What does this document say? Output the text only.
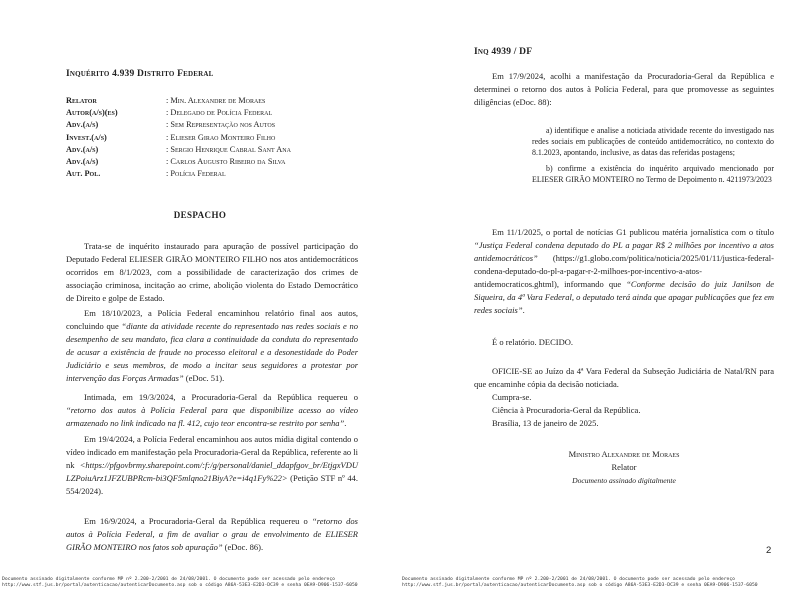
Inquérito 4.939 Distrito Federal
Relator	: Min. Alexandre de Moraes
Autor(a/s)(es)	: Delegado de Polícia Federal
Adv.(a/s)	: Sem Representação nos Autos
Invest.(a/s)	: Elieser Girao Monteiro Filho
Adv.(a/s)	: Sergio Henrique Cabral Sant Ana
Adv.(a/s)	: Carlos Augusto Ribeiro da Silva
Aut. Pol.	: Polícia Federal
DESPACHO
Trata-se de inquérito instaurado para apuração de possível participação do Deputado Federal ELIESER GIRÃO MONTEIRO FILHO nos atos antidemocráticos ocorridos em 8/1/2023, com a possibilidade de caracterização dos crimes de associação criminosa, incitação ao crime, abolição violenta do Estado Democrático de Direito e golpe de Estado.
Em 18/10/2023, a Polícia Federal encaminhou relatório final aos autos, concluindo que “diante da atividade recente do representado nas redes sociais e no desempenho de seu mandato, fica clara a continuidade da conduta do representado de acusar a existência de fraude no processo eleitoral e a desonestidade do Poder Judiciário e seus membros, de modo a incitar seus seguidores a protestar por intervenção das Forças Armadas” (eDoc. 51).
Intimada, em 19/3/2024, a Procuradoria-Geral da República requereu o “retorno dos autos à Polícia Federal para que disponibilize acesso ao vídeo armazenado no link indicado na fl. 412, cujo teor encontra-se restrito por senha”.
Em 19/4/2024, a Polícia Federal encaminhou aos autos mídia digital contendo o vídeo indicado em manifestação pela Procuradoria-Geral da República, referente ao link <https://pfgovbrmy.sharepoint.com/:f:/g/personal/daniel_ddapfgov_br/EtjgxVDULZPoiuArz1JFZUBPRcm-bi3QF5mlqno21BiyA?e=i4q1Fy%22> (Petição STF nº 44.554/2024).
Em 16/9/2024, a Procuradoria-Geral da República requereu o “retorno dos autos à Polícia Federal, a fim de avaliar o grau de envolvimento de ELIESER GIRÃO MONTEIRO nos fatos sob apuração” (eDoc. 86).
Inq 4939 / DF
Em 17/9/2024, acolhi a manifestação da Procuradoria-Geral da República e determinei o retorno dos autos à Polícia Federal, para que promovesse as seguintes diligências (eDoc. 88):

a) identifique e analise a noticiada atividade recente do investigado nas redes sociais em publicações de conteúdo antidemocrático, no contexto do 8.1.2023, apontando, inclusive, as datas das referidas postagens;

b) confirme a existência do inquérito arquivado mencionado por ELIESER GIRÃO MONTEIRO no Termo de Depoimento n. 4211973/2023

Em 11/1/2025, o portal de notícias G1 publicou matéria jornalística com o título “Justiça Federal condena deputado do PL a pagar R$ 2 milhões por incentivo a atos antidemocráticos” (https://g1.globo.com/politica/noticia/2025/01/11/justica-federal-condena-deputado-do-pl-a-pagar-r-2-milhoes-por-incentivo-a-atos-antidemocraticos.ghtml), informando que “Conforme decisão do juiz Janilson de Siqueira, da 4ª Vara Federal, o deputado terá ainda que apagar publicações que fez em redes sociais”.
É o relatório. DECIDO.
OFICIE-SE ao Juízo da 4ª Vara Federal da Subseção Judiciária de Natal/RN para que encaminhe cópia da decisão noticiada.
Cumpra-se.
Ciência à Procuradoria-Geral da República.
Brasília, 13 de janeiro de 2025.
2
Ministro Alexandre de Moraes
Relator
Documento assinado digitalmente
Documento assinado digitalmente conforme MP nº 2.200-2/2001 de 24/08/2001. O documento pode ser acessado pelo endereço
http://www.stf.jus.br/portal/autenticacao/autenticarDocumento.asp sob o código A86A-53E3-E2D3-DC39 e senha 0EA9-D906-1537-6050
Documento assinado digitalmente conforme MP nº 2.200-2/2001 de 24/08/2001. O documento pode ser acessado pelo endereço
http://www.stf.jus.br/portal/autenticacao/autenticarDocumento.asp sob o código A86A-53E3-E2D3-DC39 e senha 0EA9-D906-1537-6050
